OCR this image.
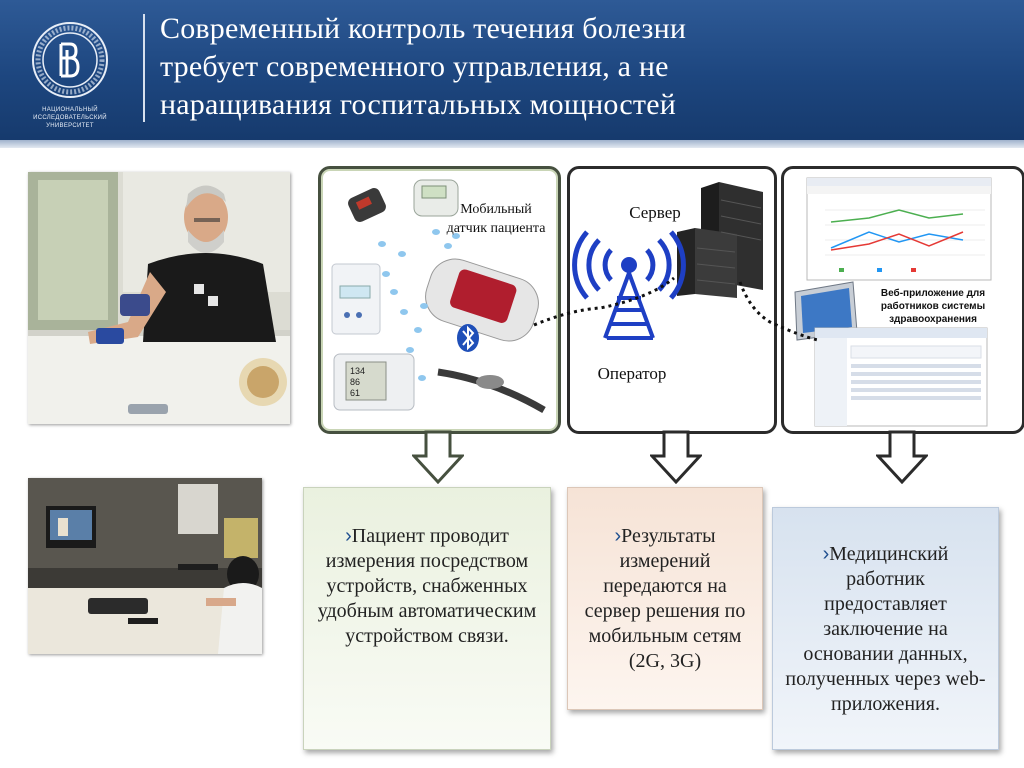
НАЦИОНАЛЬНЫЙ ИССЛЕДОВАТЕЛЬСКИЙ УНИВЕРСИТЕТ
Современный контроль течения болезни
требует современного управления, а не
наращивания госпитальных мощностей
134
86
61
Мобильный датчик пациента
Сервер
Оператор
Веб-приложение для работников системы здравоохранения
›Пациент проводит измерения посредством устройств, снабженных удобным автоматическим устройством связи.
›Результаты измерений передаются на сервер решения по мобильным сетям (2G, 3G)
›Медицинский работник предоставляет заключение на основании данных, полученных через web-приложения.
